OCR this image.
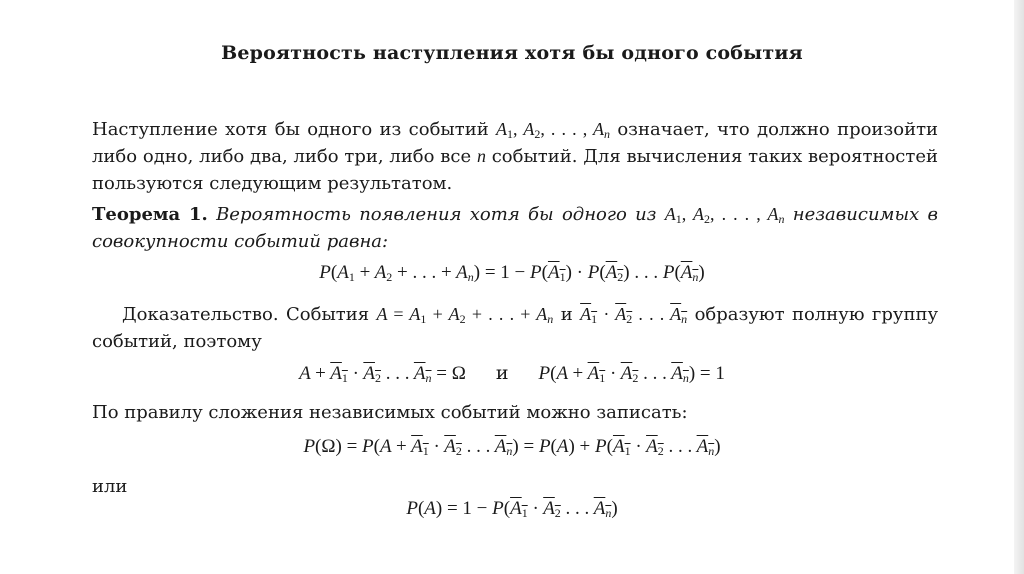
Вероятность наступления хотя бы одного события

Наступление хотя бы одного из событий $A_1$, $A_2$, . . . , $A_n$ означает, что должно произойти либо одно, либо два, либо три, либо все n событий. Для вычисления таких вероятностей пользуются следующим результатом.

Теорема 1. Вероятность появления хотя бы одного из $A_1$, $A_2$, . . . , $A_n$ независимых в совокупности событий равна:

$P(A_1 + A_2$ + . . . + $A_n) = 1 - P(A_1) \cdot P(A_2)$ . . . $P(A_n)$

Доказательство. События $A = A_1 + A_2$ + . . . + $A_n$ и $A_1 \cdot A_2$ . . . $A_n$ образуют полную группу событий, поэтому

$A + A_1 \cdot A_2$ . . . $A_n = \Omega$ и $P(A + A_1 \cdot A_2$ . . . $A_n) = 1$

По правилу сложения независимых событий можно записать:

$P(\Omega) = P(A + A_1 \cdot A_2$ . . . $A_n) = P(A) + P(A_1 \cdot A_2$ . . . $A_n$)

или

$P(A) = 1 - P(A_1 \cdot A_2$ . . . $A_n$)
